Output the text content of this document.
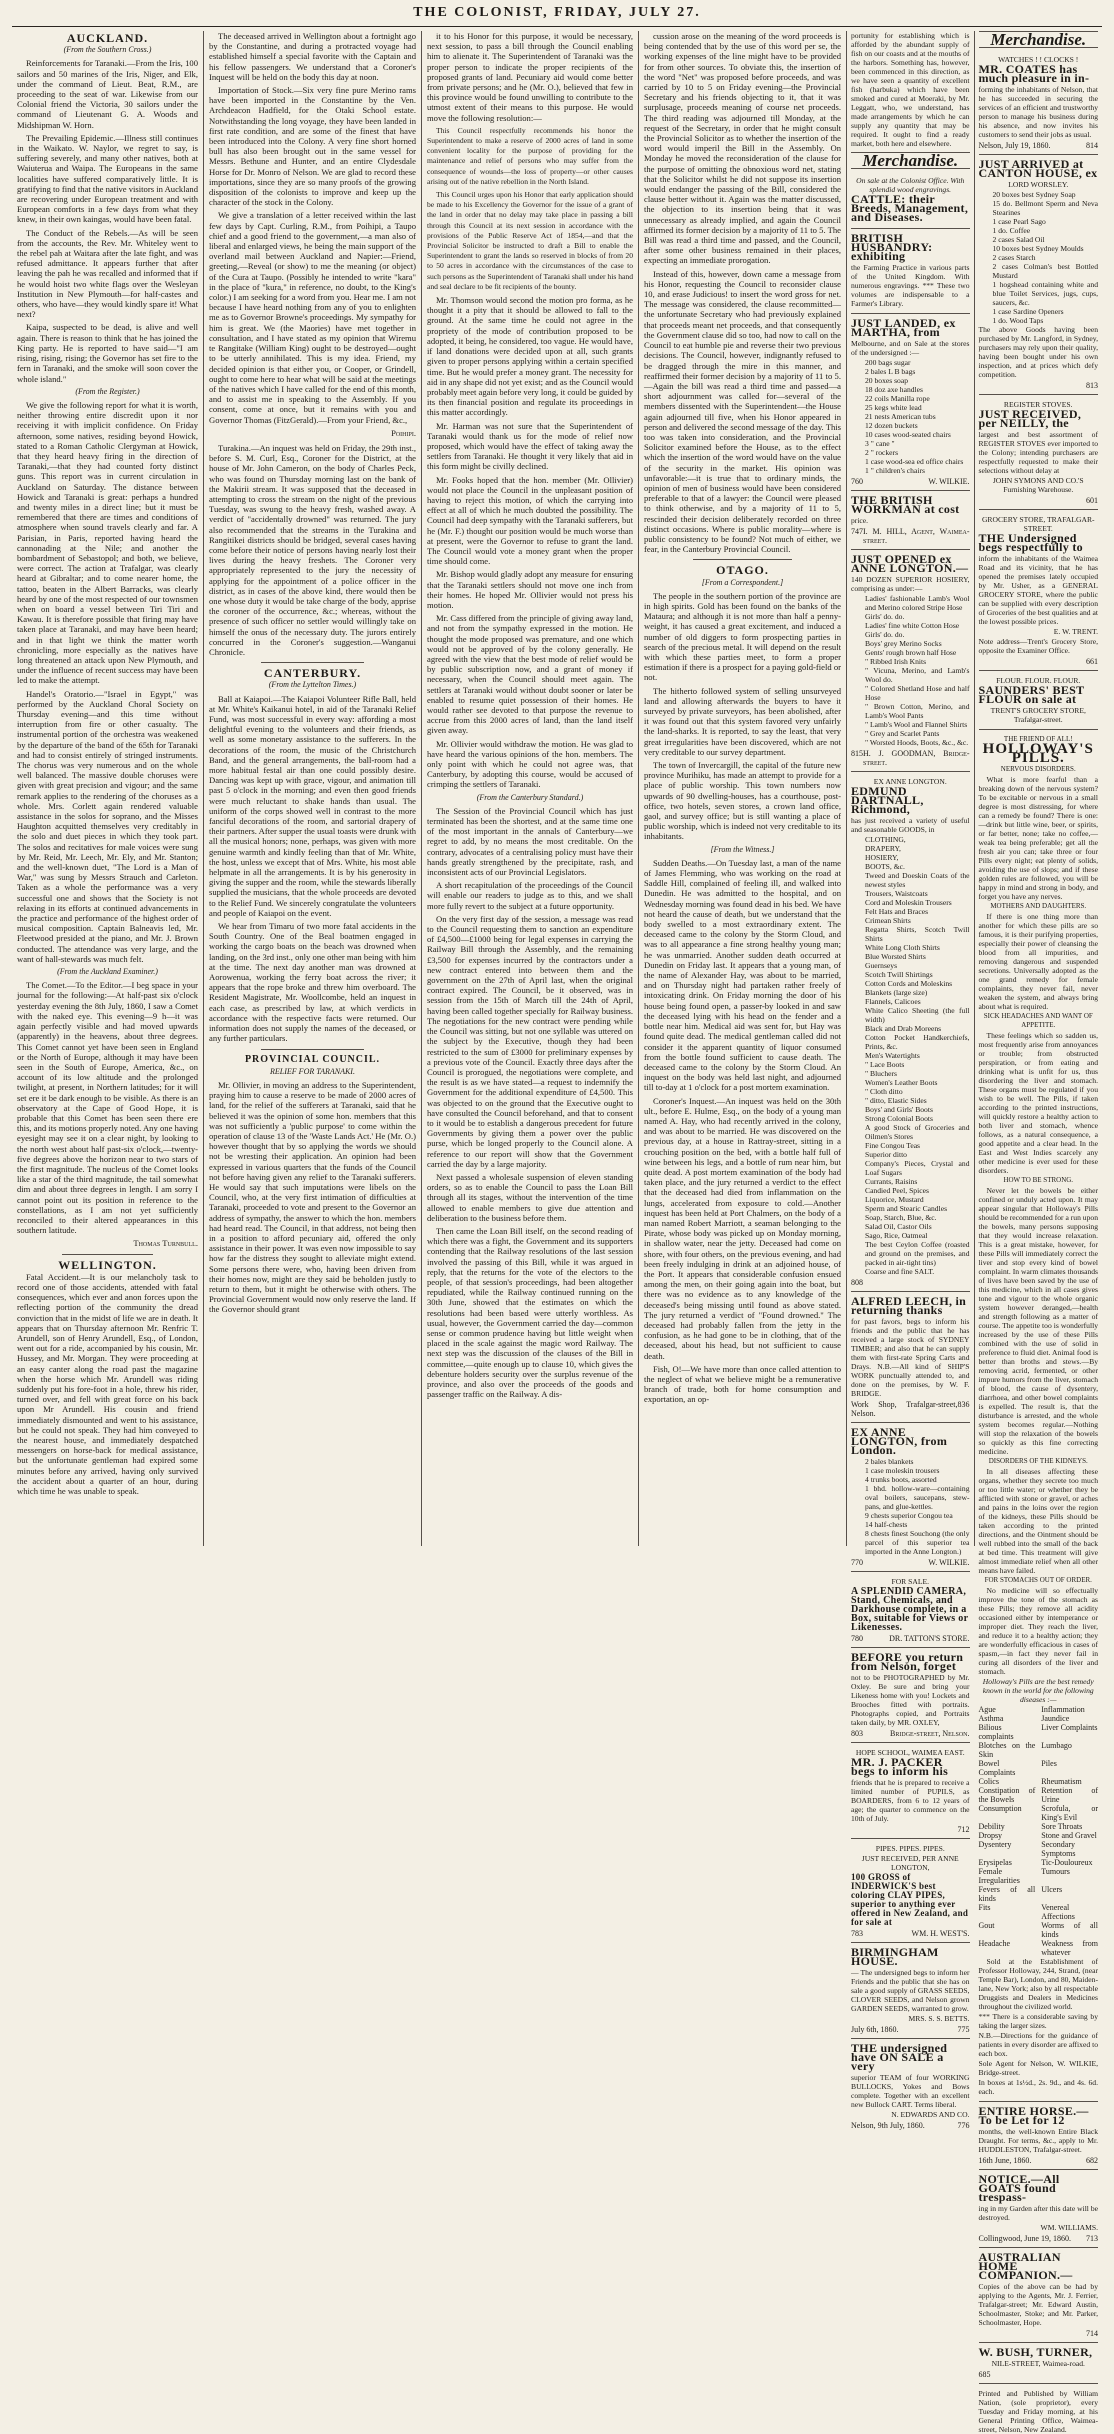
THE COLONIST, FRIDAY, JULY 27.
AUCKLAND.
(From the Southern Cross.)

Reinforcements for Taranaki.—From the Iris, 100 sailors and 50 marines of the Iris, Niger, and Elk, under the command of Lieut. Beat, R.M., are proceeding to the seat of war. Likewise from our Colonial friend the Victoria, 30 sailors under the command of Lieutenant G. A. Woods and Midshipman W. Horn.

The Prevailing Epidemic.—Illness still continues in the Waikato. W. Naylor, we regret to say, is suffering severely, and many other natives, both at Waiuterua and Waipa. The Europeans in the same localities have suffered comparatively little. It is gratifying to find that the native visitors in Auckland are recovering under European treatment and with European comforts in a few days from what they knew, in their own kaingas, would have been fatal.

The Conduct of the Rebels.—As will be seen from the accounts, the Rev. Mr. Whiteley went to the rebel pah at Waitara after the late fight, and was refused admittance. It appears further that after leaving the pah he was recalled and informed that if he would hoist two white flags over the Wesleyan Institution in New Plymouth—for half-castes and others, who have—they would kindly spare it! What next?

Kaipa, suspected to be dead, is alive and well again. There is reason to think that he has joined the King party. He is reported to have said—"I am rising, rising, rising; the Governor has set fire to the fern in Taranaki, and the smoke will soon cover the whole island."

(From the Register.)

We give the following report for what it is worth, neither throwing entire discredit upon it nor receiving it with implicit confidence. On Friday afternoon, some natives, residing beyond Howick, stated to a Roman Catholic Clergyman at Howick, that they heard heavy firing in the direction of Taranaki,—that they had counted forty distinct guns. This report was in current circulation in Auckland on Saturday. The distance between Howick and Taranaki is great: perhaps a hundred and twenty miles in a direct line; but it must be remembered that there are times and conditions of atmosphere when sound travels clearly and far. A Parisian, in Paris, reported having heard the cannonading at the Nile; and another the bombardment of Sebastopol; and both, we believe, were correct. The action at Trafalgar, was clearly heard at Gibraltar; and to come nearer home, the tattoo, beaten in the Albert Barracks, was clearly heard by one of the most respected of our townsmen when on board a vessel between Tiri Tiri and Kawau. It is therefore possible that firing may have taken place at Taranaki, and may have been heard; and in that light we think the matter worth chronicling, more especially as the natives have long threatened an attack upon New Plymouth, and under the influence of recent success may have been led to make the attempt.

Handel's Oratorio.—"Israel in Egypt," was performed by the Auckland Choral Society on Thursday evening—and this time without interruption from fire or other casualty. The instrumental portion of the orchestra was weakened by the departure of the band of the 65th for Taranaki and had to consist entirely of stringed instruments. The chorus was very numerous and on the whole well balanced. The massive double choruses were given with great precision and vigour; and the same remark applies to the rendering of the choruses as a whole. Mrs. Corlett again rendered valuable assistance in the solos for soprano, and the Misses Haughton acquitted themselves very creditably in the solo and duet pieces in which they took part. The solos and recitatives for male voices were sung by Mr. Reid, Mr. Leech, Mr. Ely, and Mr. Stanton; and the well-known duet, "The Lord is a Man of War," was sung by Messrs Strauch and Carleton. Taken as a whole the performance was a very successful one and shows that the Society is not relaxing in its efforts at continued advancements in the practice and performance of the highest order of musical composition. Captain Balneavis led, Mr. Fleetwood presided at the piano, and Mr. J. Brown conducted. The attendance was very large, and the want of hall-stewards was much felt.

(From the Auckland Examiner.)

The Comet.—To the Editor.—I beg space in your journal for the following:—At half-past six o'clock yesterday evening the 8th July, 1860, I saw a Comet with the naked eye. This evening—9 h—it was again perfectly visible and had moved upwards (apparently) in the heavens, about three degrees. This Comet cannot yet have been seen in England or the North of Europe, although it may have been seen in the South of Europe, America, &c., on account of its low altitude and the prolonged twilight, at present, in Northern latitudes; for it will set ere it be dark enough to be visible. As there is an observatory at the Cape of Good Hope, it is probable that this Comet has been seen there ere this, and its motions properly noted. Any one having eyesight may see it on a clear night, by looking to the north west about half past-six o'clock,—twenty-five degrees above the horizon near to two stars of the first magnitude. The nucleus of the Comet looks like a star of the third magnitude, the tail somewhat dim and about three degrees in length. I am sorry I cannot point out its position in reference to the constellations, as I am not yet sufficiently reconciled to their altered appearances in this southern latitude.

Thomas Turnbull.
WELLINGTON.

Fatal Accident.—It is our melancholy task to record one of those accidents, attended with fatal consequences, which ever and anon forces upon the reflecting portion of the community the dread conviction that in the midst of life we are in death. It appears that on Thursday afternoon Mr. Renfric T. Arundell, son of Henry Arundell, Esq., of London, went out for a ride, accompanied by his cousin, Mr. Hussey, and Mr. Morgan. They were proceeding at an easy canter along the road past the magazine when the horse which Mr. Arundell was riding suddenly put his fore-foot in a hole, threw his rider, turned over, and fell with great force on his back upon Mr Arundell. His cousin and friend immediately dismounted and went to his assistance, but he could not speak. They had him conveyed to the nearest house, and immediately despatched messengers on horse-back for medical assistance, but the unfortunate gentleman had expired some minutes before any arrived, having only survived the accident about a quarter of an hour, during which time he was unable to speak.

The deceased arrived in Wellington about a fortnight ago by the Constantine, and during a protracted voyage had established himself a special favorite with the Captain and his fellow passengers. We understand that a Coroner's Inquest will be held on the body this day at noon.

Importation of Stock.—Six very fine pure Merino rams have been imported in the Constantine by the Ven. Archdeacon Hadfield, for the Otaki School estate. Notwithstanding the long voyage, they have been landed in first rate condition, and are some of the finest that have been introduced into the Colony. A very fine short horned bull has also been brought out in the same vessel for Messrs. Bethune and Hunter, and an entire Clydesdale Horse for Dr. Monro of Nelson. We are glad to record these importations, since they are so many proofs of the growing disposition of the colonists to improve and keep up the character of the stock in the Colony.

We give a translation of a letter received within the last few days by Capt. Curling, R.M., from Poihipi, a Taupo chief and a good friend to the government,—a man also of liberal and enlarged views, he being the main support of the overland mail between Auckland and Napier:—Friend, greeting,—Reveal (or show) to me the meaning (or object) of the Cura at Taupo. (Possibly he intended to write "kara" in the place of "kura," in reference, no doubt, to the King's color.) I am seeking for a word from you. Hear me. I am not because I have heard nothing from any of you to enlighten me as to Governor Browne's proceedings. My sympathy for him is great. We (the Maories) have met together in consultation, and I have stated as my opinion that Wiremu te Rangitake (William King) ought to be destroyed—ought to be utterly annihilated. This is my idea. Friend, my decided opinion is that either you, or Cooper, or Grindell, ought to come here to hear what will be said at the meetings of the natives which I have called for the end of this month, and to assist me in speaking to the Assembly. If you consent, come at once, but it remains with you and Governor Thomas (FitzGerald).—From your Friend, &c.,

Poihipi.

Turakina.—An inquest was held on Friday, the 29th inst., before S. M. Curl, Esq., Coroner for the District, at the house of Mr. John Cameron, on the body of Charles Peck, who was found on Thursday morning last on the bank of the Makirii stream. It was supposed that the deceased in attempting to cross the stream on the night of the previous Tuesday, was swung to the heavy fresh, washed away. A verdict of "accidentally drowned" was returned. The jury also recommended that the streams in the Turakina and Rangitikei districts should be bridged, several cases having come before their notice of persons having nearly lost their lives during the heavy freshets. The Coroner very appropriately represented to the jury the necessity of applying for the appointment of a police officer in the district, as in cases of the above kind, there would then be one whose duty it would be take charge of the body, apprise the coroner of the occurrence, &c.; whereas, without the presence of such officer no settler would willingly take on himself the onus of the necessary duty. The jurors entirely concurred in the Coroner's suggestion.—Wanganui Chronicle.

CANTERBURY.
(From the Lyttelton Times.)

Ball at Kaiapoi.—The Kaiapoi Volunteer Rifle Ball, held at Mr. White's Kaikanui hotel, in aid of the Taranaki Relief Fund, was most successful in every way: affording a most delightful evening to the volunteers and their friends, as well as some monetary assistance to the sufferers. In the decorations of the room, the music of the Christchurch Band, and the general arrangements, the ball-room had a more habitual festal air than one could possibly desire. Dancing was kept up with grace, vigour, and animation till past 5 o'clock in the morning; and even then good friends were much reluctant to shake hands than usual. The uniform of the corps showed well in contrast to the more fanciful decorations of the room, and sartorial drapery of their partners. After supper the usual toasts were drunk with all the musical honors; none, perhaps, was given with more genuine warmth and kindly feeling than that of Mr. White, the host, unless we except that of Mrs. White, his most able helpmate in all the arrangements. It is by his generosity in giving the supper and the room, while the stewards liberally supplied the musicians, that the whole proceeds are devoted to the Relief Fund. We sincerely congratulate the volunteers and people of Kaiapoi on the event.

We hear from Timaru of two more fatal accidents in the South Country. One of the Beal boatmen engaged in working the cargo boats on the beach was drowned when landing, on the 3rd inst., only one other man being with him at the time. The next day another man was drowned at Aorowenua, working the ferry boat across the river; it appears that the rope broke and threw him overboard. The Resident Magistrate, Mr. Woollcombe, held an inquest in each case, as prescribed by law, at which verdicts in accordance with the respective facts were returned. Our information does not supply the names of the deceased, or any further particulars.

PROVINCIAL COUNCIL.
RELIEF FOR TARANAKI.

Mr. Ollivier, in moving an address to the Superintendent, praying him to cause a reserve to be made of 2000 acres of land, for the relief of the sufferers at Taranaki, said that he believed it was the opinion of some hon. members that this was not sufficiently a 'public purpose' to come within the operation of clause 13 of the 'Waste Lands Act.' He (Mr. O.) however thought that by so applying the words we should not be wresting their application. An opinion had been expressed in various quarters that the funds of the Council not before having given any relief to the Taranaki sufferers. He would say that such imputations were libels on the Council, who, at the very first intimation of difficulties at Taranaki, proceeded to vote and present to the Governor an address of sympathy, the answer to which the hon. members had heard read. The Council, in that address, not being then in a position to afford pecuniary aid, offered the only assistance in their power. It was even now impossible to say how far the distress they sought to alleviate might extend. Some persons there were, who, having been driven from their homes now, might are they said be beholden justly to return to them, but it might be otherwise with others. The Provincial Government would now only reserve the land. If the Governor should grant

it to his Honor for this purpose, it would be necessary, next session, to pass a bill through the Council enabling him to alienate it. The Superintendent of Taranaki was the proper person to indicate the proper recipients of the proposed grants of land. Pecuniary aid would come better from private persons; and he (Mr. O.), believed that few in this province would be found unwilling to contribute to the utmost extent of their means to this purpose. He would move the following resolution:—

This Council respectfully recommends his honor the Superintendent to make a reserve of 2000 acres of land in some convenient locality for the purpose of providing for the maintenance and relief of persons who may suffer from the consequence of wounds—the loss of property—or other causes arising out of the native rebellion in the North Island.

This Council urges upon his Honor that early application should be made to his Excellency the Governor for the issue of a grant of the land in order that no delay may take place in passing a bill through this Council at its next session in accordance with the provisions of the Public Reserve Act of 1854,—and that the Provincial Solicitor be instructed to draft a Bill to enable the Superintendent to grant the lands so reserved in blocks of from 20 to 50 acres in accordance with the circumstances of the case to such persons as the Superintendent of Taranaki shall under his hand and seal declare to be fit recipients of the bounty.

Mr. Thomson would second the motion pro forma, as he thought it a pity that it should be allowed to fall to the ground. At the same time he could not agree in the propriety of the mode of contribution proposed to be adopted, it being, he considered, too vague. He would have, if land donations were decided upon at all, such grants given to proper persons applying within a certain specified time. But he would prefer a money grant. The necessity for aid in any shape did not yet exist; and as the Council would probably meet again before very long, it could be guided by its then financial position and regulate its proceedings in this matter accordingly.

Mr. Harman was not sure that the Superintendent of Taranaki would thank us for the mode of relief now proposed, which would have the effect of taking away the settlers from Taranaki. He thought it very likely that aid in this form might be civilly declined.

Mr. Fooks hoped that the hon. member (Mr. Ollivier) would not place the Council in the unpleasant position of having to reject this motion, of which the carrying into effect at all of which he much doubted the possibility. The Council had deep sympathy with the Taranaki sufferers, but he (Mr. F.) thought our position would be much worse than at present, were the Governor to refuse to grant the land. The Council would vote a money grant when the proper time should come.

Mr. Bishop would gladly adopt any measure for ensuring that the Taranaki settlers should not move one inch from their homes. He hoped Mr. Ollivier would not press his motion.

Mr. Cass differed from the principle of giving away land, and not from the sympathy expressed in the motion. He thought the mode proposed was premature, and one which would not be approved of by the colony generally. He agreed with the view that the best mode of relief would be by public subscription now, and a grant of money if necessary, when the Council should meet again. The settlers at Taranaki would without doubt sooner or later be enabled to resume quiet possession of their homes. He would rather see devoted to that purpose the revenue to accrue from this 2000 acres of land, than the land itself given away.

Mr. Ollivier would withdraw the motion. He was glad to have heard the various opinions of the hon. members. The only point with which he could not agree was, that Canterbury, by adopting this course, would be accused of crimping the settlers of Taranaki.

(From the Canterbury Standard.)

The Session of the Provincial Council which has just terminated has been the shortest, and at the same time one of the most important in the annals of Canterbury—we regret to add, by no means the most creditable. On the contrary, advocates of a centralising policy must have their hands greatly strengthened by the precipitate, rash, and inconsistent acts of our Provincial Legislators.

A short recapitulation of the proceedings of the Council will enable our readers to judge as to this, and we shall more fully revert to the subject at a future opportunity.

On the very first day of the session, a message was read to the Council requesting them to sanction an expenditure of £4,500—£1000 being for legal expenses in carrying the Railway Bill through the Assembly, and the remaining £3,500 for expenses incurred by the contractors under a new contract entered into between them and the government on the 27th of April last, when the original contract expired. The Council, be it observed, was in session from the 15th of March till the 24th of April, having been called together specially for Railway business. The negotiations for the new contract were pending while the Council was sitting, but not one syllable was uttered on the subject by the Executive, though they had been restricted to the sum of £3000 for preliminary expenses by a previous vote of the Council. Exactly three days after the Council is prorogued, the negotiations were complete, and the result is as we have stated—a request to indemnify the Government for the additional expenditure of £4,500. This was objected to on the ground that the Executive ought to have consulted the Council beforehand, and that to consent to it would be to establish a dangerous precedent for future Governments by giving them a power over the public purse, which be longed properly to the Council alone. A reference to our report will show that the Government carried the day by a large majority.

Next passed a wholesale suspension of eleven standing orders, so as to enable the Council to pass the Loan Bill through all its stages, without the intervention of the time allowed to enable members to give due attention and deliberation to the business before them.

Then came the Loan Bill itself, on the second reading of which there was a fight, the Government and its supporters contending that the Railway resolutions of the last session involved the passing of this Bill, while it was argued in reply, that the returns for the vote of the electors to the people, of that session's proceedings, had been altogether repudiated, while the Railway continued running on the 30th June, showed that the estimates on which the resolutions had been based were utterly worthless. As usual, however, the Government carried the day—common sense or common prudence having but little weight when placed in the scale against the magic word Railway. The next step was the discussion of the clauses of the Bill in committee,—quite enough up to clause 10, which gives the debenture holders security over the surplus revenue of the province, and also over the proceeds of the goods and passenger traffic on the Railway. A dis-

cussion arose on the meaning of the word proceeds is being contended that by the use of this word per se, the working expenses of the line might have to be provided for from other sources. To obviate this, the insertion of the word "Net" was proposed before proceeds, and was carried by 10 to 5 on Friday evening—the Provincial Secretary and his friends objecting to it, that it was surplusage, proceeds meaning of course net proceeds. The third reading was adjourned till Monday, at the request of the Secretary, in order that he might consult the Provincial Solicitor as to whether the insertion of the word would imperil the Bill in the Assembly. On Monday he moved the reconsideration of the clause for the purpose of omitting the obnoxious word net, stating that the Solicitor whilst he did not suppose its insertion would endanger the passing of the Bill, considered the clause better without it. Again was the matter discussed, the objection to its insertion being that it was unnecessary as already implied, and again the Council affirmed its former decision by a majority of 11 to 5. The Bill was read a third time and passed, and the Council, after some other business remained in their places, expecting an immediate prorogation.

Instead of this, however, down came a message from his Honor, requesting the Council to reconsider clause 10, and erase Judicious! to insert the word gross for net. The message was considered, the clause recommitted—the unfortunate Secretary who had previously explained that proceeds meant net proceeds, and that consequently the Government clause did so too, had now to call on the Council to eat humble pie and reverse their two previous decisions. The Council, however, indignantly refused to be dragged through the mire in this manner, and reaffirmed their former decision by a majority of 11 to 5.—Again the bill was read a third time and passed—a short adjournment was called for—several of the members dissented with the Superintendent—the House again adjourned till five, when his Honor appeared in person and delivered the second message of the day. This too was taken into consideration, and the Provincial Solicitor examined before the House, as to the effect which the insertion of the word would have on the value of the security in the market. His opinion was unfavorable:—it is true that to ordinary minds, the opinion of men of business would have been considered preferable to that of a lawyer: the Council were pleased to think otherwise, and by a majority of 11 to 5, rescinded their decision deliberately recorded on three distinct occasions. Where is public morality—where is public consistency to be found? Not much of either, we fear, in the Canterbury Provincial Council.

OTAGO.
[From a Correspondent.]

The people in the southern portion of the province are in high spirits. Gold has been found on the banks of the Mataura; and although it is not more than half a penny-weight, it has caused a great excitement, and induced a number of old diggers to form prospecting parties in search of the precious metal. It will depend on the result with which these parties meet, to form a proper estimation if there is a prospect for a paying gold-field or not.

The hitherto followed system of selling unsurveyed land and allowing afterwards the buyers to have it surveyed by private surveyors, has been abolished, after it was found out that this system favored very unfairly the land-sharks. It is reported, to say the least, that very great irregularities have been discovered, which are not very creditable to our survey department.

The town of Invercargill, the capital of the future new province Murihiku, has made an attempt to provide for a place of public worship. This town numbers now upwards of 90 dwelling-houses, has a courthouse, post-office, two hotels, seven stores, a crown land office, gaol, and survey office; but is still wanting a place of public worship, which is indeed not very creditable to its inhabitants.

[From the Witness.]

Sudden Deaths.—On Tuesday last, a man of the name of James Flemming, who was working on the road at Saddle Hill, complained of feeling ill, and walked into Dunedin. He was admitted to the hospital, and on Wednesday morning was found dead in his bed. We have not heard the cause of death, but we understand that the body swelled to a most extraordinary extent. The deceased came to the colony by the Storm Cloud, and was to all appearance a fine strong healthy young man; he was unmarried. Another sudden death occurred at Dunedin on Friday last. It appears that a young man, of the name of Alexander Hay, was about to be married, and on Thursday night had partaken rather freely of intoxicating drink. On Friday morning the door of his house being found open, a passer-by looked in and saw the deceased lying with his head on the fender and a bottle near him. Medical aid was sent for, but Hay was found quite dead. The medical gentleman called did not consider it the apparent quantity of liquor consumed from the bottle found sufficient to cause death. The deceased came to the colony by the Storm Cloud. An inquest on the body was held last night, and adjourned till to-day at 1 o'clock for a post mortem examination.

Coroner's Inquest.—An inquest was held on the 30th ult., before E. Hulme, Esq., on the body of a young man named A. Hay, who had recently arrived in the colony, and was about to be married. He was discovered on the previous day, at a house in Rattray-street, sitting in a crouching position on the bed, with a bottle half full of wine between his legs, and a bottle of rum near him, but quite dead. A post mortem examination of the body had taken place, and the jury returned a verdict to the effect that the deceased had died from inflammation on the lungs, accelerated from exposure to cold.—Another inquest has been held at Port Chalmers, on the body of a man named Robert Marriott, a seaman belonging to the Pirate, whose body was picked up on Monday morning, in shallow water, near the jetty. Deceased had come on shore, with four others, on the previous evening, and had been freely indulging in drink at an adjoined house, of the Port. It appears that considerable confusion ensued among the men, on their going again into the boat, but there was no evidence as to any knowledge of the deceased's being missing until found as above stated. The jury returned a verdict of "Found drowned." The deceased had probably fallen from the jetty in the confusion, as he had gone to be in clothing, that of the deceased, about his head, but not sufficient to cause death.

Fish, O!—We have more than once called attention to the neglect of what we believe might be a remunerative branch of trade, both for home consumption and exportation, an op-

portunity for establishing which is afforded by the abundant supply of fish on our coasts and at the mouths of the harbors. Something has, however, been commenced in this direction, as we have seen a quantity of excellent fish (harbuka) which have been smoked and cured at Moeraki, by Mr. Leggatt, who, we understand, has made arrangements by which he can supply any quantity that may be required. It ought to find a ready market, both here and elsewhere.

Merchandise.
On sale at the Colonist Office. With splendid wood engravings.
CATTLE: their Breeds, Management, and Diseases.
BRITISH HUSBANDRY: exhibiting
the Farming Practice in various parts of the United Kingdom. With numerous engravings. *** These two volumes are indispensable to a Farmer's Library.
JUST LANDED, ex MARTHA, from
Melbourne, and on Sale at the stores of the undersigned :—
200 bags sugar
2 bales L B bags
20 boxes soap
18 doz axe handles
22 coils Manilla rope
25 kegs white lead
21 nests American tubs
12 dozen buckets
10 cases wood-seated chairs
3 " cane "
2 " rockers
1 case wood-sea ed office chairs
1 " children's chairs
760	W. WILKIE.
THE BRITISH WORKMAN at cost
price.
747 I. M. HILL, Agent, Waimea-street.
JUST OPENED ex ANNE LONGTON.—
140 DOZEN SUPERIOR HOSIERY, comprising as under:—
Ladies' fashionable Lamb's Wool and Merino colored Stripe Hose
Girls' do. do.
Ladies' fine white Cotton Hose
Girls' do. do.
Boys' grey Merino Socks
Gents' rough brown half Hose
" Ribbed Irish Knits
" Vicuna, Merino, and Lamb's Wool do.
" Colored Shetland Hose and half Hose
" Brown Cotton, Merino, and Lamb's Wool Pants
" Lamb's Wool and Flannel Shirts
" Grey and Scarlet Pants
" Worsted Hoods, Boots, &c., &c.
815 H. J. GOODMAN, Bridge-street.
EX ANNE LONGTON.
EDMUND DARTNALL, Richmond,
has just received a variety of useful and seasonable GOODS, in
CLOTHING,
DRAPERY,
HOSIERY,
BOOTS, &c.
Tweed and Doeskin Coats of the newest styles
Trousers, Waistcoats
Cord and Moleskin Trousers
Felt Hats and Braces
Crimean Shirts
Regatta Shirts, Scotch Twill Shirts
White Long Cloth Shirts
Blue Worsted Shirts
Guernseys
Scotch Twill Shirtings
Cotton Cords and Moleskins
Blankets (large size)
Flannels, Calicoes
White Calico Sheeting (the full width)
Black and Drab Moreens
Cotton Pocket Handkerchiefs, Prints, &c.
Men's Watertights
" Lace Boots
" Bluchers
Women's Leather Boots
" Cloth ditto
" ditto, Elastic Sides
Boys' and Girls' Boots
Strong Colonial Boots
A good Stock of Groceries and Oilmen's Stores
Fine Congou Teas
Superior ditto
Company's Pieces, Crystal and Loaf Sugars
Currants, Raisins
Candied Peel, Spices
Liquorice, Mustard
Sperm and Stearic Candles
Soap, Starch, Blue, &c.
Salad Oil, Castor Oils
Sago, Rice, Oatmeal
The best Ceylon Coffee (roasted and ground on the premises, and packed in air-tight tins)
Coarse and fine SALT.
808
ALFRED LEECH, in returning thanks
for past favors, begs to inform his friends and the public that he has received a large stock of SYDNEY TIMBER; and also that he can supply them with first-rate Spring Carts and Drays. N.B.—All kind of SHIP'S WORK punctually attended to, and done on the premises, by W. F. BRIDGE.
Work Shop, Trafalgar-street, Nelson.
836
EX ANNE LONGTON, from London.
2 bales blankets
1 case moleskin trousers
4 trunks boots, assorted
1 bhd. hollow-ware—containing oval boilers, saucepans, stew-pans, and glue-kettles.
9 chests superior Congou tea
14 half-chests
8 chests finest Souchong (the only parcel of this superior tea imported in the Anne Longton.)
770	W. WILKIE.
FOR SALE.
A SPLENDID CAMERA, Stand, Chemicals, and Darkhouse complete, in a Box, suitable for Views or Likenesses.
780	DR. TATTON'S STORE.
BEFORE you return from Nelson, forget
not to be PHOTOGRAPHED by Mr. Oxley. Be sure and bring your Likeness home with you! Lockets and Brooches fitted with portraits. Photographs copied, and Portraits taken daily, by MR. OXLEY,
803	Bridge-street, Nelson.
HOPE SCHOOL, WAIMEA EAST.
MR. J. PACKER begs to inform his
friends that he is prepared to receive a limited number of PUPILS, as BOARDERS, from 6 to 12 years of age; the quarter to commence on the 10th of July.
712
PIPES. PIPES. PIPES.
JUST RECEIVED, PER ANNE LONGTON,
100 GROSS of INDERWICK'S best coloring CLAY PIPES, superior to anything ever offered in New Zealand, and for sale at
783	WM. H. WEST'S.
BIRMINGHAM HOUSE.
— The undersigned begs to inform her Friends and the public that she has on sale a good supply of GRASS SEEDS, CLOVER SEEDS, and Nelson grown GARDEN SEEDS, warranted to grow.
MRS. S. S. BETTS.
July 6th, 1860.	775
THE undersigned have ON SALE a very
superior TEAM of four WORKING BULLOCKS, Yokes and Bows complete. Together with an excellent new Bullock CART. Terms liberal.
N. EDWARDS AND CO.
Nelson, 9th July, 1860.	776
Merchandise.
WATCHES ! ! CLOCKS !
MR. COATES has much pleasure in in-
forming the inhabitants of Nelson, that he has succeeded in securing the services of an efficient and trustworthy person to manage his business during his absence, and now invites his customers to send their jobs as usual.
Nelson, July 19, 1860.	814
JUST ARRIVED at CANTON HOUSE, ex
LORD WORSLEY.
20 boxes best Sydney Soap
15 do. Bellmont Sperm and Neva Stearines
1 case Pearl Sago
1 do. Coffee
2 cases Salad Oil
10 boxes best Sydney Moulds
2 cases Starch
2 cases Colman's best Bottled Mustard
1 hogshead containing white and blue Toilet Services, jugs, cups, saucers, &c.
1 case Sardine Openers
1 do. Wood Taps
The above Goods having been purchased by Mr. Langford, in Sydney, purchasers may rely upon their quality, having been bought under his own inspection, and at prices which defy competition.
813
REGISTER STOVES.
JUST RECEIVED, per NEILLY, the
largest and best assortment of REGISTER STOVES ever imported to the Colony; intending purchasers are respectfully requested to make their selections without delay at
JOHN SYMONS AND CO.'S Furnishing Warehouse.
601
GROCERY STORE, TRAFALGAR-STREET.
THE Undersigned begs respectfully to
inform the inhabitants of the Waimea Road and its vicinity, that he has opened the premises lately occupied by Mr. Usher, as a GENERAL GROCERY STORE, where the public can be supplied with every description of Groceries of the best qualities and at the lowest possible prices.
E. W. TRENT.
Note address—Trent's Grocery Store, opposite the Examiner Office.
661
FLOUR. FLOUR. FLOUR.
SAUNDERS' BEST FLOUR on sale at
TRENT'S GROCERY STORE, Trafalgar-street.
THE FRIEND OF ALL!
HOLLOWAY'S PILLS.
NERVOUS DISORDERS.
What is more fearful than a breaking down of the nervous system? To be excitable or nervous in a small degree is most distressing, for where can a remedy be found? There is one:—drink but little wine, beer, or spirits, or far better, none; take no coffee,—weak tea being preferable; get all the fresh air you can; take three or four Pills every night; eat plenty of solids, avoiding the use of slops; and if these golden rules are followed, you will be happy in mind and strong in body, and forget you have any nerves.
MOTHERS AND DAUGHTERS.
If there is one thing more than another for which these pills are so famous, it is their purifying properties, especially their power of cleansing the blood from all impurities, and removing dangerous and suspended secretions. Universally adopted as the one grand remedy for female complaints, they never fail, never weaken the system, and always bring about what is required.
SICK HEADACHES AND WANT OF APPETITE.
These feelings which so sadden us, most frequently arise from annoyances or trouble; from obstructed perspiration, or from eating and drinking what is unfit for us, thus disordering the liver and stomach. These organs must be regulated if you wish to be well. The Pills, if taken according to the printed instructions, will quickly restore a healthy action to both liver and stomach, whence follows, as a natural consequence, a good appetite and a clear head. In the East and West Indies scarcely any other medicine is ever used for these disorders.
HOW TO BE STRONG.
Never let the bowels be either confined or unduly acted upon. It may appear singular that Holloway's Pills should be recommended for a run upon the bowels, many persons supposing that they would increase relaxation. This is a great mistake, however, for these Pills will immediately correct the liver and stop every kind of bowel complaint. In warm climates thousands of lives have been saved by the use of this medicine, which in all cases gives tone and vigour to the whole organic system however deranged,—health and strength following as a matter of course. The appetite too is wonderfully increased by the use of these Pills combined with the use of solid in preference to fluid diet. Animal food is better than broths and stews.—By removing acrid, fermented, or other impure humors from the liver, stomach of blood, the cause of dysentery, diarrhoea, and other bowel complaints is expelled. The result is, that the disturbance is arrested, and the whole system becomes regular.—Nothing will stop the relaxation of the bowels so quickly as this fine correcting medicine.
DISORDERS OF THE KIDNEYS.
In all diseases affecting these organs, whether they secrete too much or too little water; or whether they be afflicted with stone or gravel, or aches and pains in the loins over the region of the kidneys, these Pills should be taken according to the printed directions, and the Ointment should be well rubbed into the small of the back at bed time. This treatment will give almost immediate relief when all other means have failed.
FOR STOMACHS OUT OF ORDER.
No medicine will so effectually improve the tone of the stomach as these Pills; they remove all acidity occasioned either by intemperance or improper diet. They reach the liver, and reduce it to a healthy action; they are wonderfully efficacious in cases of spasm,—in fact they never fail in curing all disorders of the liver and stomach.
Holloway's Pills are the best remedy known in the world for the following diseases :—
Ague	Inflammation
Asthma	Jaundice
Bilious complaints
Liver Complaints
Blotches on the Skin
Lumbago
Bowel Complaints
Piles
Colics	Rheumatism
Constipation of the Bowels
Retention of Urine
Consumption	Scrofula, or King's Evil
Debility	Sore Throats
Dropsy	Stone and Gravel
Dysentery	Secondary Symptoms
Erysipelas	Tic-Douloureux
Female Irregularities
Tumours
Fevers of all kinds
Ulcers
Fits	Venereal Affections
Gout	Worms of all kinds
Headache	Weakness from whatever
Sold at the Establishment of Professor Holloway, 244, Strand, (near Temple Bar), London, and 80, Maiden-lane, New York; also by all respectable Druggists and Dealers in Medicines throughout the civilized world.
*** There is a considerable saving by taking the larger sizes.
N.B.—Directions for the guidance of patients in every disorder are affixed to each box.
Sole Agent for Nelson, W. WILKIE, Bridge-street.
In boxes at 1s½d., 2s. 9d., and 4s. 6d. each.
ENTIRE HORSE.—To be Let for 12
months, the well-known Entire Black Draught. For terms, &c., apply to Mr. HUDDLESTON, Trafalgar-street.
16th June, 1860.	682
NOTICE.—All GOATS found trespass-
ing in my Garden after this date will be destroyed.
WM. WILLIAMS.
Collingwood, June 19, 1860. 713
AUSTRALIAN HOME COMPANION.—
Copies of the above can be had by applying to the Agents, Mr. J. Ferrier, Trafalgar-street; Mr. Edward Austin, Schoolmaster, Stoke; and Mr. Parker, Schoolmaster, Hope.
714
W. BUSH, TURNER,
NILE-STREET, Waimea-road.
685
Printed and Published by William Nation, (sole proprietor), every Tuesday and Friday morning, at his General Printing Office, Waimea-street, Nelson, New Zealand.
